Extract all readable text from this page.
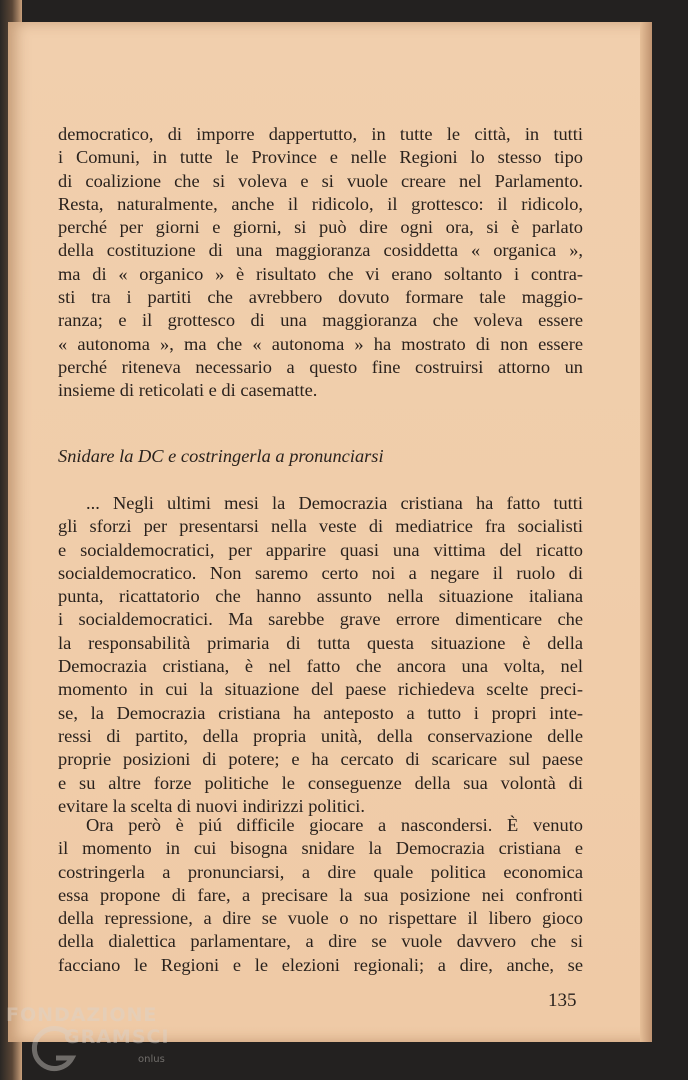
democratico, di imporre dappertutto, in tutte le città, in tutti
i Comuni, in tutte le Province e nelle Regioni lo stesso tipo
di coalizione che si voleva e si vuole creare nel Parlamento.
Resta, naturalmente, anche il ridicolo, il grottesco: il ridicolo,
perché per giorni e giorni, si può dire ogni ora, si è parlato
della costituzione di una maggioranza cosiddetta « organica »,
ma di « organico » è risultato che vi erano soltanto i contra-
sti tra i partiti che avrebbero dovuto formare tale maggio-
ranza; e il grottesco di una maggioranza che voleva essere
« autonoma », ma che « autonoma » ha mostrato di non essere
perché riteneva necessario a questo fine costruirsi attorno un
insieme di reticolati e di casematte.
Snidare la DC e costringerla a pronunciarsi
... Negli ultimi mesi la Democrazia cristiana ha fatto tutti
gli sforzi per presentarsi nella veste di mediatrice fra socialisti
e socialdemocratici, per apparire quasi una vittima del ricatto
socialdemocratico. Non saremo certo noi a negare il ruolo di
punta, ricattatorio che hanno assunto nella situazione italiana
i socialdemocratici. Ma sarebbe grave errore dimenticare che
la responsabilità primaria di tutta questa situazione è della
Democrazia cristiana, è nel fatto che ancora una volta, nel
momento in cui la situazione del paese richiedeva scelte preci-
se, la Democrazia cristiana ha anteposto a tutto i propri inte-
ressi di partito, della propria unità, della conservazione delle
proprie posizioni di potere; e ha cercato di scaricare sul paese
e su altre forze politiche le conseguenze della sua volontà di
evitare la scelta di nuovi indirizzi politici.
Ora però è piú difficile giocare a nascondersi. È venuto
il momento in cui bisogna snidare la Democrazia cristiana e
costringerla a pronunciarsi, a dire quale politica economica
essa propone di fare, a precisare la sua posizione nei confronti
della repressione, a dire se vuole o no rispettare il libero gioco
della dialettica parlamentare, a dire se vuole davvero che si
facciano le Regioni e le elezioni regionali; a dire, anche, se
135
FONDAZIONE
GRAMSCI
onlus
